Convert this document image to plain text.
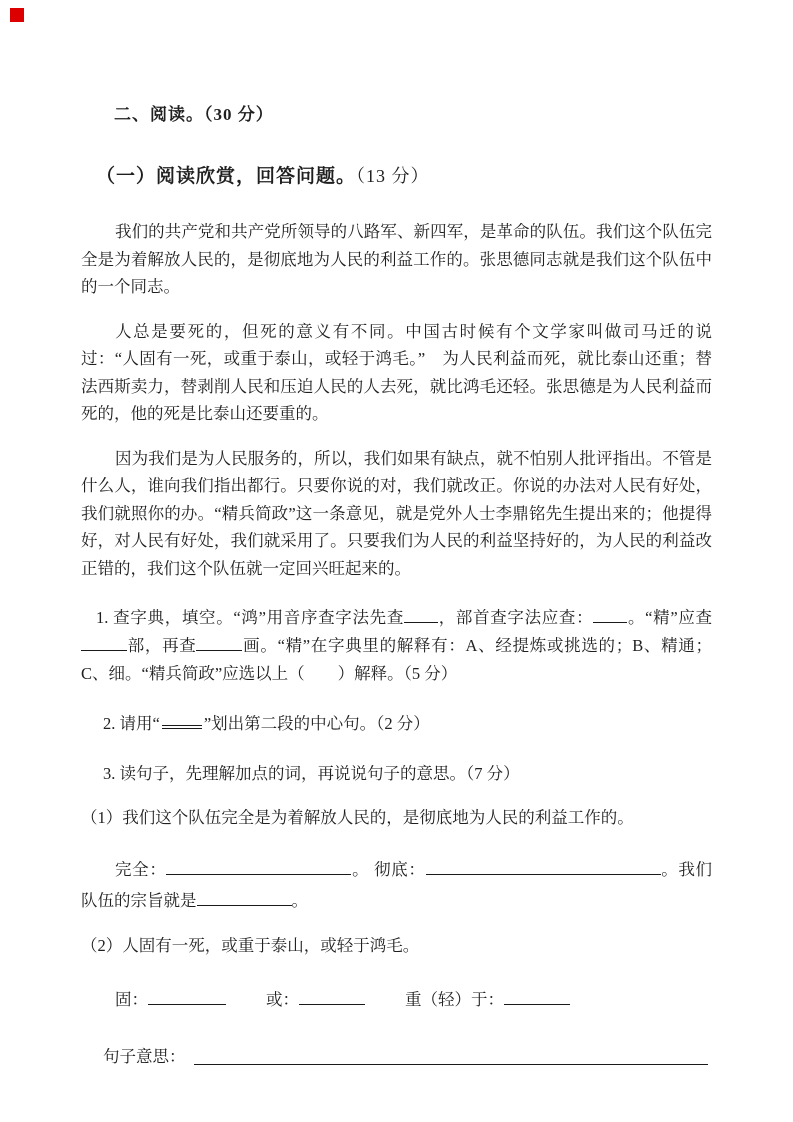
二、阅读。（30 分）
（一）阅读欣赏，回答问题。（13 分）

我们的共产党和共产党所领导的八路军、新四军，是革命的队伍。我们这个队伍完全是为着解放人民的，是彻底地为人民的利益工作的。张思德同志就是我们这个队伍中的一个同志。

人总是要死的，但死的意义有不同。中国古时候有个文学家叫做司马迁的说过：“人固有一死，或重于泰山，或轻于鸿毛。”　为人民利益而死，就比泰山还重；替法西斯卖力，替剥削人民和压迫人民的人去死，就比鸿毛还轻。张思德是为人民利益而死的，他的死是比泰山还要重的。

因为我们是为人民服务的，所以，我们如果有缺点，就不怕别人批评指出。不管是什么人，谁向我们指出都行。只要你说的对，我们就改正。你说的办法对人民有好处，我们就照你的办。“精兵简政”这一条意见，就是党外人士李鼎铭先生提出来的；他提得好，对人民有好处，我们就采用了。只要我们为人民的利益坚持好的，为人民的利益改正错的，我们这个队伍就一定回兴旺起来的。

1. 查字典，填空。“鸿”用音序查字法先查 ，部首查字法应查： 。“精”应查部，再查	画。“精”在字典里的解释有：A、经提炼或挑选的；B、精通；C、细。“精兵简政”应选以上（　　）解释。（5 分）
2. 请用“	”划出第二段的中心句。（2 分）
3. 读句子，先理解加点的词，再说说句子的意思。（7 分）
（1）我们这个队伍完全是为着解放人民的，是彻底地为人民的利益工作的。
完全：	。 彻底：	。我们队伍的宗旨就是	。
（2）人固有一死，或重于泰山，或轻于鸿毛。
固：	或：	重（轻）于：
句子意思：
